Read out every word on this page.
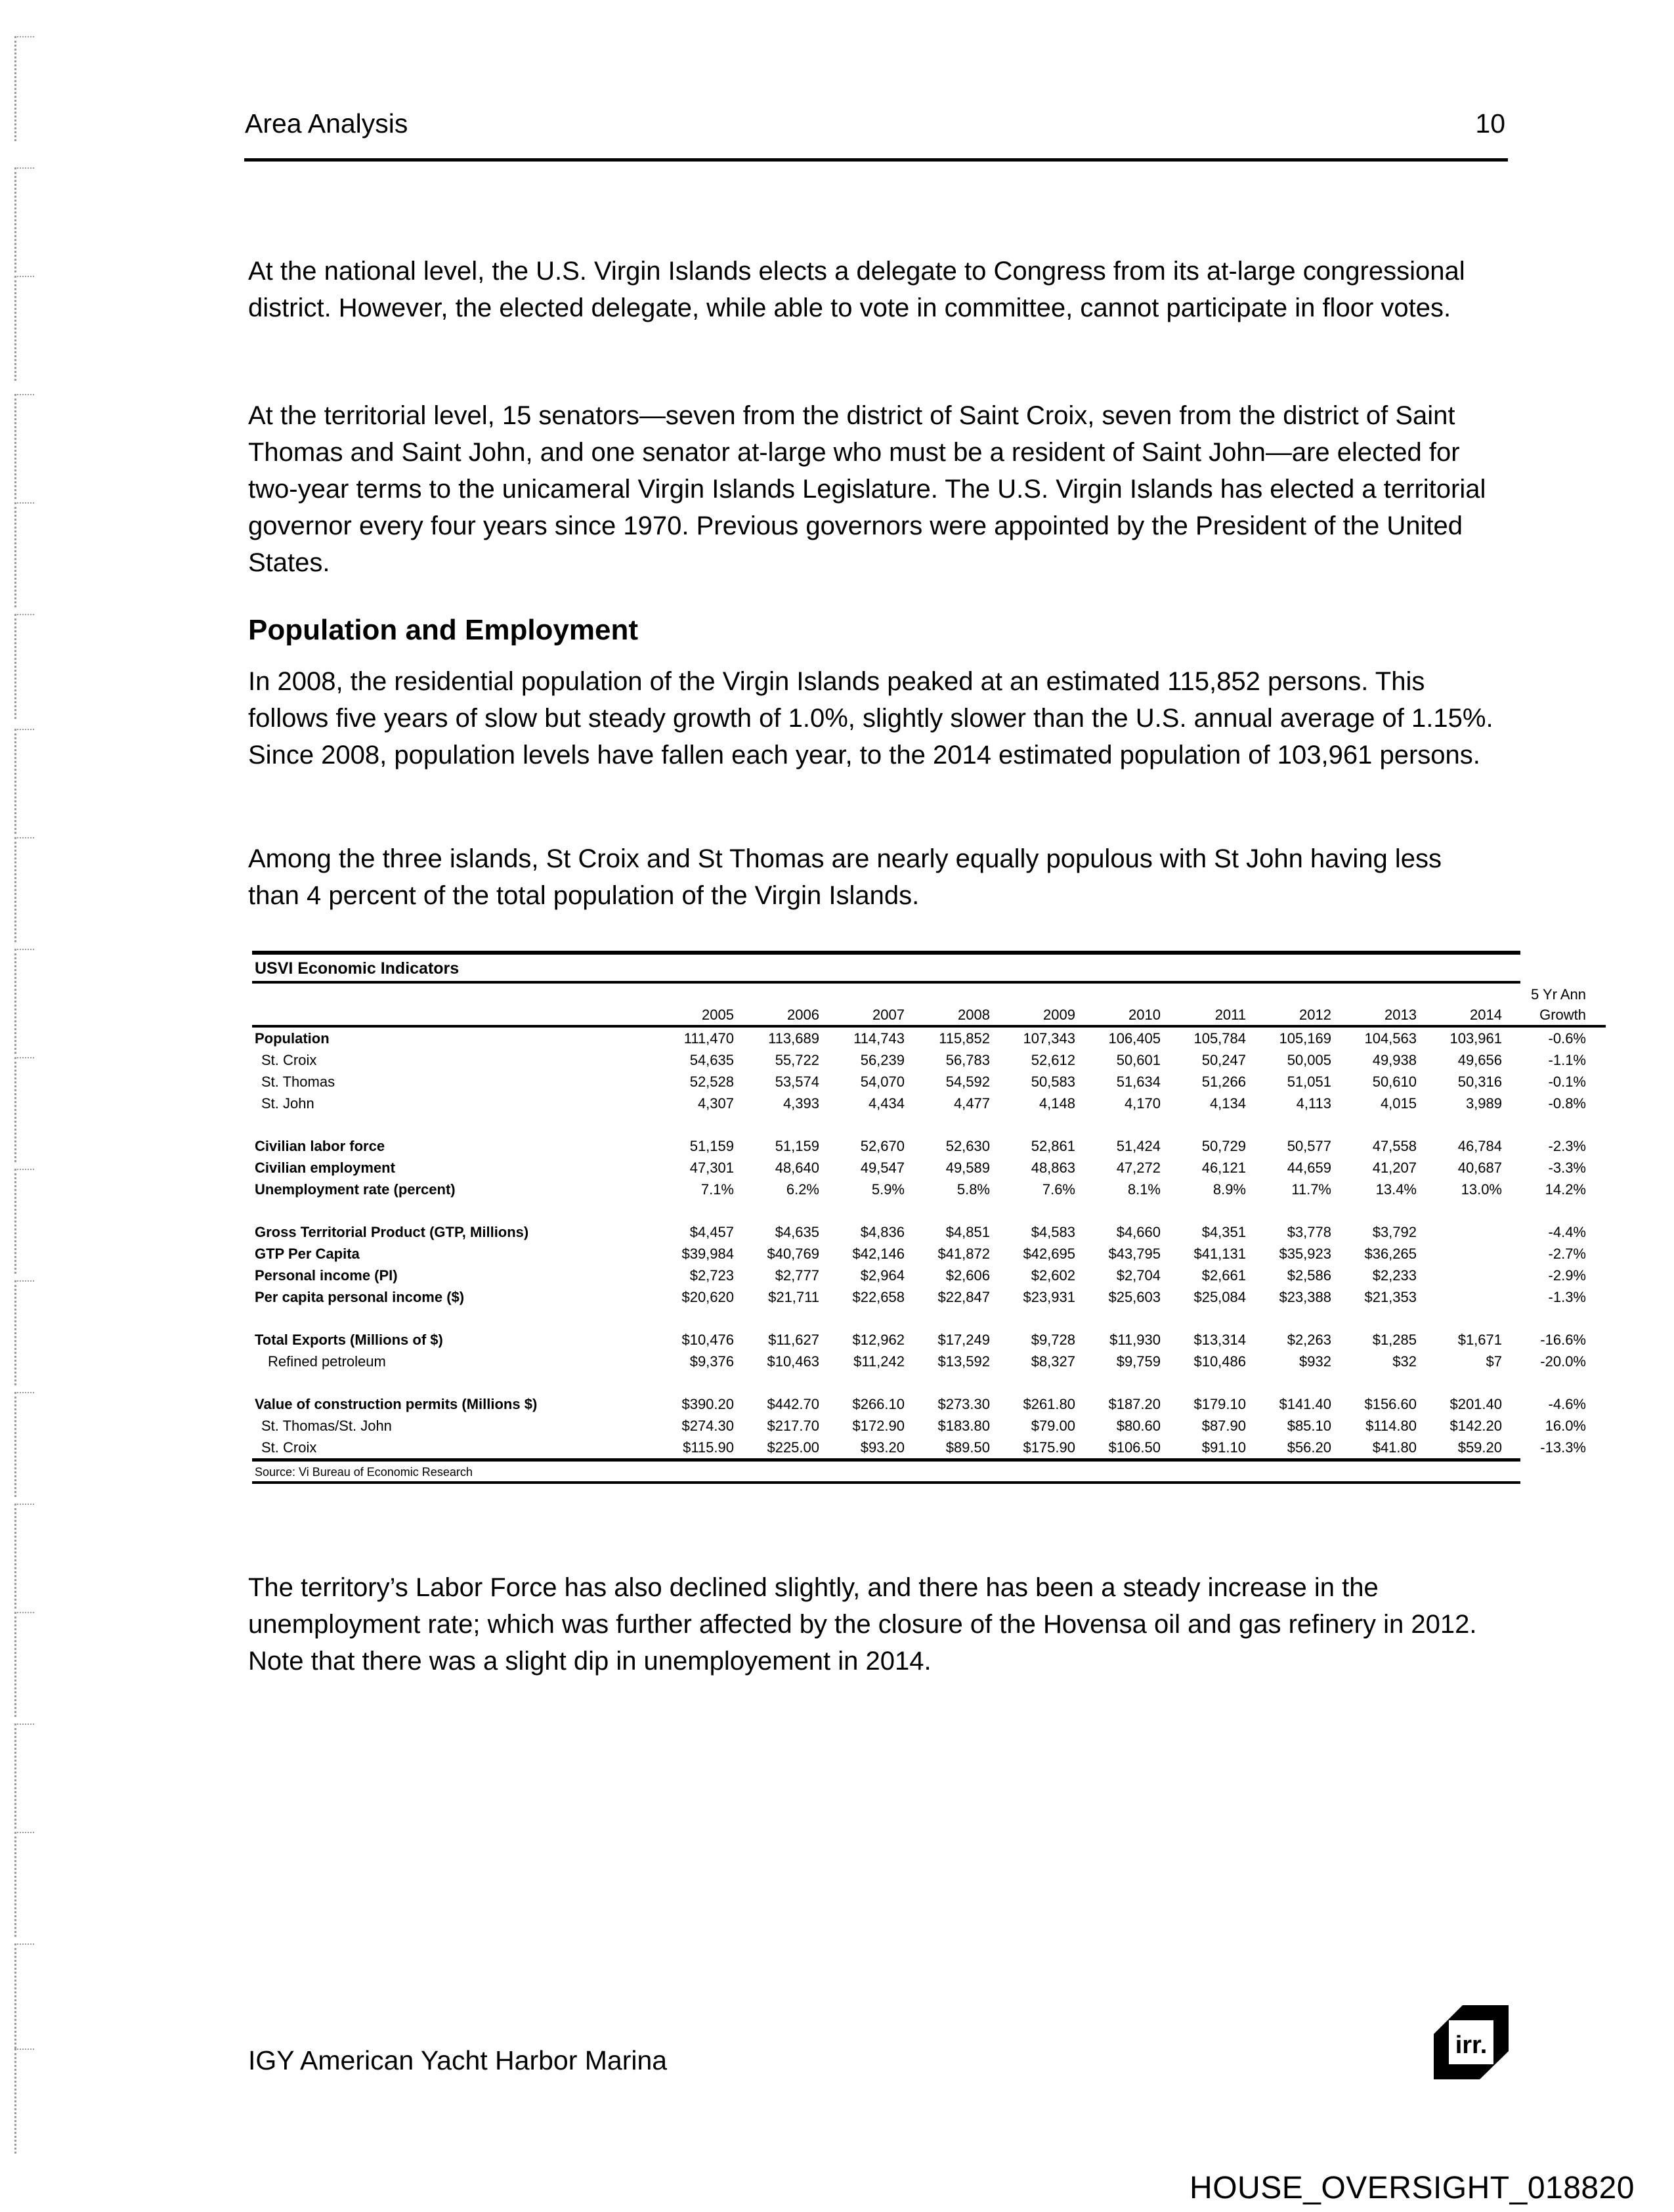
Area Analysis	10

At the national level, the U.S. Virgin Islands elects a delegate to Congress from its at-large congressional district. However, the elected delegate, while able to vote in committee, cannot participate in floor votes.

At the territorial level, 15 senators—seven from the district of Saint Croix, seven from the district of Saint Thomas and Saint John, and one senator at-large who must be a resident of Saint John—are elected for two-year terms to the unicameral Virgin Islands Legislature. The U.S. Virgin Islands has elected a territorial governor every four years since 1970. Previous governors were appointed by the President of the United States.

Population and Employment

In 2008, the residential population of the Virgin Islands peaked at an estimated 115,852 persons. This follows five years of slow but steady growth of 1.0%, slightly slower than the U.S. annual average of 1.15%. Since 2008, population levels have fallen each year, to the 2014 estimated population of 103,961 persons.

Among the three islands, St Croix and St Thomas are nearly equally populous with St John having less than 4 percent of the total population of the Virgin Islands.

USVI Economic Indicators
											5 Yr Ann	
	2005	2006	2007	2008	2009	2010	2011	2012	2013	2014	Growth	
Population	111,470	113,689	114,743	115,852	107,343	106,405	105,784	105,169	104,563	103,961	-0.6%	
St. Croix	54,635	55,722	56,239	56,783	52,612	50,601	50,247	50,005	49,938	49,656	-1.1%	
St. Thomas	52,528	53,574	54,070	54,592	50,583	51,634	51,266	51,051	50,610	50,316	-0.1%	
St. John	4,307	4,393	4,434	4,477	4,148	4,170	4,134	4,113	4,015	3,989	-0.8%	

Civilian labor force	51,159	51,159	52,670	52,630	52,861	51,424	50,729	50,577	47,558	46,784	-2.3%	
Civilian employment	47,301	48,640	49,547	49,589	48,863	47,272	46,121	44,659	41,207	40,687	-3.3%	
Unemployment rate (percent)	7.1%	6.2%	5.9%	5.8%	7.6%	8.1%	8.9%	11.7%	13.4%	13.0%	14.2%	

Gross Territorial Product (GTP, Millions)	$4,457	$4,635	$4,836	$4,851	$4,583	$4,660	$4,351	$3,778	$3,792		-4.4%	
GTP Per Capita	$39,984	$40,769	$42,146	$41,872	$42,695	$43,795	$41,131	$35,923	$36,265		-2.7%	
Personal income (PI)	$2,723	$2,777	$2,964	$2,606	$2,602	$2,704	$2,661	$2,586	$2,233		-2.9%	
Per capita personal income ($)	$20,620	$21,711	$22,658	$22,847	$23,931	$25,603	$25,084	$23,388	$21,353		-1.3%	

Total Exports (Millions of $)	$10,476	$11,627	$12,962	$17,249	$9,728	$11,930	$13,314	$2,263	$1,285	$1,671	-16.6%	
Refined petroleum	$9,376	$10,463	$11,242	$13,592	$8,327	$9,759	$10,486	$932	$32	$7	-20.0%	

Value of construction permits (Millions $)	$390.20	$442.70	$266.10	$273.30	$261.80	$187.20	$179.10	$141.40	$156.60	$201.40	-4.6%	
St. Thomas/St. John	$274.30	$217.70	$172.90	$183.80	$79.00	$80.60	$87.90	$85.10	$114.80	$142.20	16.0%	
St. Croix	$115.90	$225.00	$93.20	$89.50	$175.90	$106.50	$91.10	$56.20	$41.80	$59.20	-13.3%	
Source: Vi Bureau of Economic Research

The territory’s Labor Force has also declined slightly, and there has been a steady increase in the unemployment rate; which was further affected by the closure of the Hovensa oil and gas refinery in 2012. Note that there was a slight dip in unemployement in 2014.

IGY American Yacht Harbor Marina	irr.
HOUSE_OVERSIGHT_018820
